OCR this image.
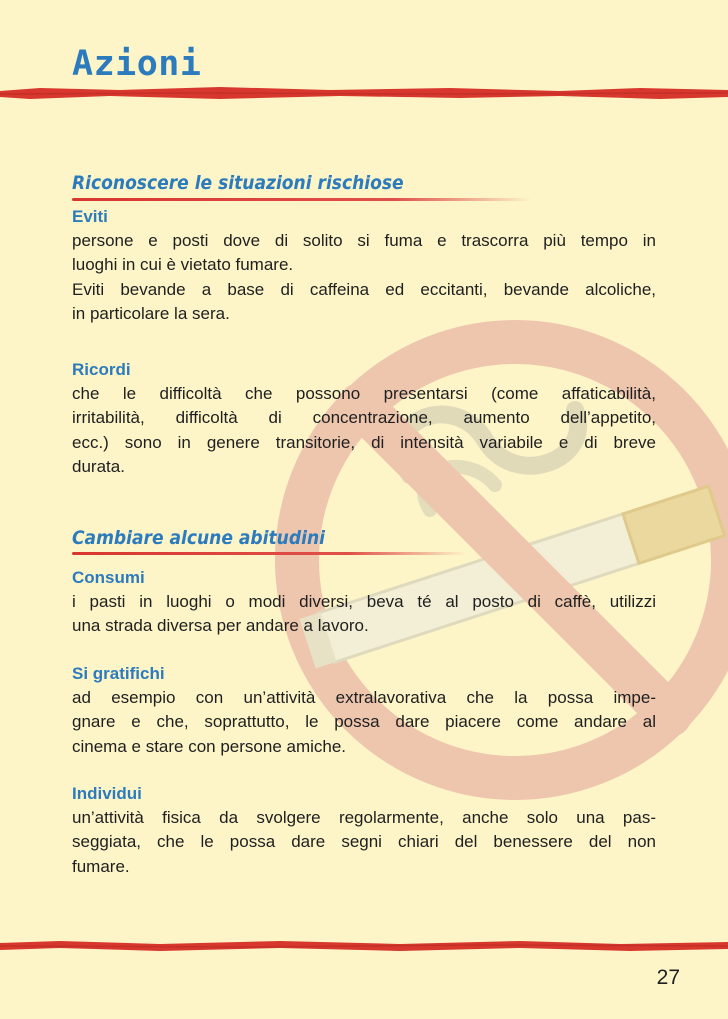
Azioni
Riconoscere le situazioni rischiose
Eviti
persone e posti dove di solito si fuma e trascorra più tempo in
luoghi in cui è vietato fumare.
Eviti bevande a base di caffeina ed eccitanti, bevande alcoliche,
in particolare la sera.
Ricordi
che le difficoltà che possono presentarsi (come affaticabilità,
irritabilità, difficoltà di concentrazione, aumento dell’appetito,
ecc.) sono in genere transitorie, di intensità variabile e di breve
durata.
Cambiare alcune abitudini
Consumi
i pasti in luoghi o modi diversi, beva té al posto di caffè, utilizzi
una strada diversa per andare a lavoro.
Si gratifichi
ad esempio con un’attività extralavorativa che la possa impe-
gnare e che, soprattutto, le possa dare piacere come andare al
cinema e stare con persone amiche.
Individui
un’attività fisica da svolgere regolarmente, anche solo una pas-
seggiata, che le possa dare segni chiari del benessere del non
fumare.
27
